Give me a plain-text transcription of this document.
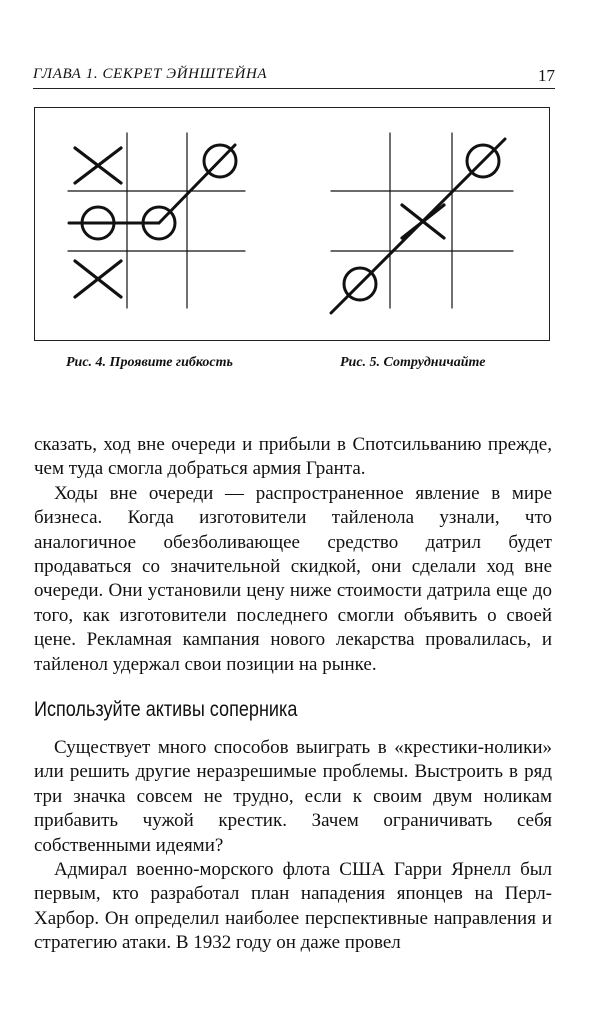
ГЛАВА 1. СЕКРЕТ ЭЙНШТЕЙНА	17
Рис. 4. Проявите гибкость	Рис. 5. Сотрудничайте

сказать, ход вне очереди и прибыли в Спотсильванию прежде, чем туда смогла добраться армия Гранта.

Ходы вне очереди — распространенное явление в мире бизнеса. Когда изготовители тайленола узнали, что аналогичное обезболивающее средство датрил будет продаваться со значительной скидкой, они сделали ход вне очереди. Они установили цену ниже стоимости датрила еще до того, как изготовители последнего смогли объявить о своей цене. Рекламная кампания нового лекарства провалилась, и тайленол удержал свои позиции на рынке.

Используйте активы соперника

Существует много способов выиграть в «крестики-нолики» или решить другие неразрешимые проблемы. Выстроить в ряд три значка совсем не трудно, если к своим двум ноликам прибавить чужой крестик. Зачем ограничивать себя собственными идеями?

Адмирал военно-морского флота США Гарри Ярнелл был первым, кто разработал план нападения японцев на Перл-Харбор. Он определил наиболее перспективные направления и стратегию атаки. В 1932 году он даже провел
